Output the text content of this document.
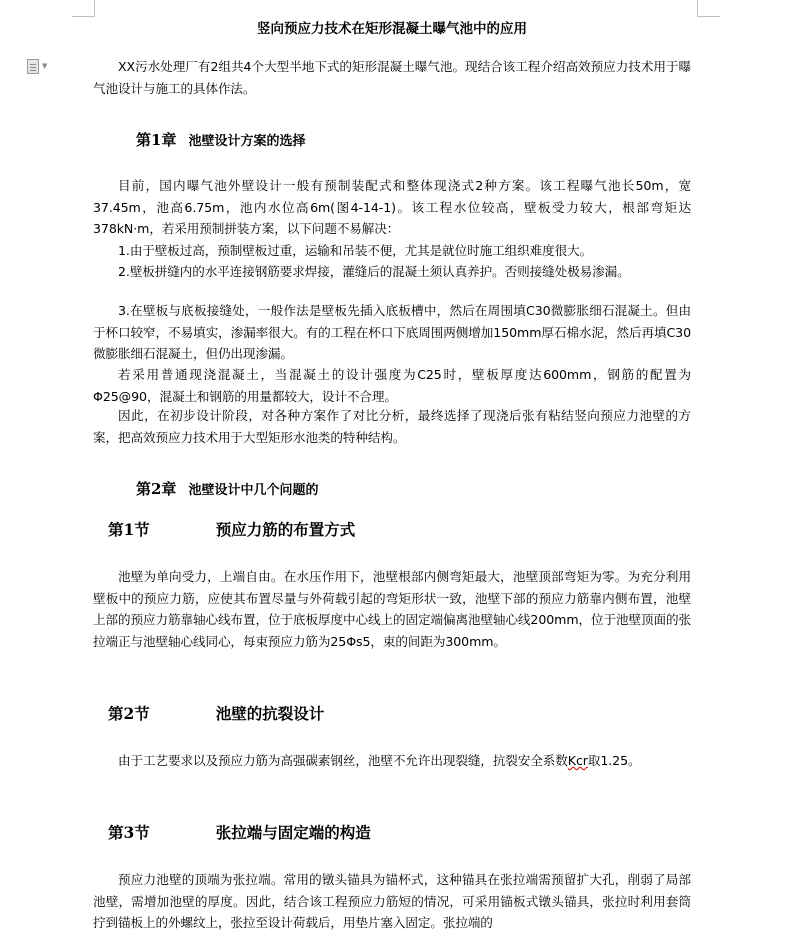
▼
竖向预应力技术在矩形混凝土曝气池中的应用

XX污水处理厂有2组共4个大型半地下式的矩形混凝土曝气池。现结合该工程介绍高效预应力技术用于曝气池设计与施工的具体作法。

第1章 池壁设计方案的选择

目前，国内曝气池外壁设计一般有预制装配式和整体现浇式2种方案。该工程曝气池长50m，宽37.45m，池高6.75m，池内水位高6m(图4-14-1)。该工程水位较高，壁板受力较大，根部弯矩达378kN·m，若采用预制拼装方案，以下问题不易解决：

1.由于壁板过高，预制壁板过重，运输和吊装不便，尤其是就位时施工组织难度很大。

2.壁板拼缝内的水平连接钢筋要求焊接，灌缝后的混凝土须认真养护。否则接缝处极易渗漏。

3.在壁板与底板接缝处，一般作法是壁板先插入底板槽中，然后在周围填C30微膨胀细石混凝土。但由于杯口较窄，不易填实，渗漏率很大。有的工程在杯口下底周围两侧增加150mm厚石棉水泥，然后再填C30微膨胀细石混凝土，但仍出现渗漏。

若采用普通现浇混凝土，当混凝土的设计强度为C25时，壁板厚度达600mm，钢筋的配置为Φ25@90，混凝土和钢筋的用量都较大，设计不合理。

因此，在初步设计阶段，对各种方案作了对比分析，最终选择了现浇后张有粘结竖向预应力池壁的方案，把高效预应力技术用于大型矩形水池类的特种结构。

第2章 池壁设计中几个问题的
第1节	预应力筋的布置方式

池壁为单向受力，上端自由。在水压作用下，池壁根部内侧弯矩最大，池壁顶部弯矩为零。为充分利用壁板中的预应力筋，应使其布置尽量与外荷载引起的弯矩形状一致，池壁下部的预应力筋靠内侧布置，池壁上部的预应力筋靠轴心线布置，位于底板厚度中心线上的固定端偏离池壁轴心线200mm，位于池壁顶面的张拉端正与池壁轴心线同心，每束预应力筋为25Φs5，束的间距为300mm。

第2节	池壁的抗裂设计

由于工艺要求以及预应力筋为高强碳素钢丝，池壁不允许出现裂缝，抗裂安全系数Kcr取1.25。

第3节	张拉端与固定端的构造

预应力池壁的顶端为张拉端。常用的镦头锚具为锚杯式，这种锚具在张拉端需预留扩大孔，削弱了局部池壁，需增加池壁的厚度。因此，结合该工程预应力筋短的情况，可采用锚板式镦头锚具，张拉时利用套筒拧到锚板上的外螺纹上，张拉至设计荷载后，用垫片塞入固定。张拉端的
